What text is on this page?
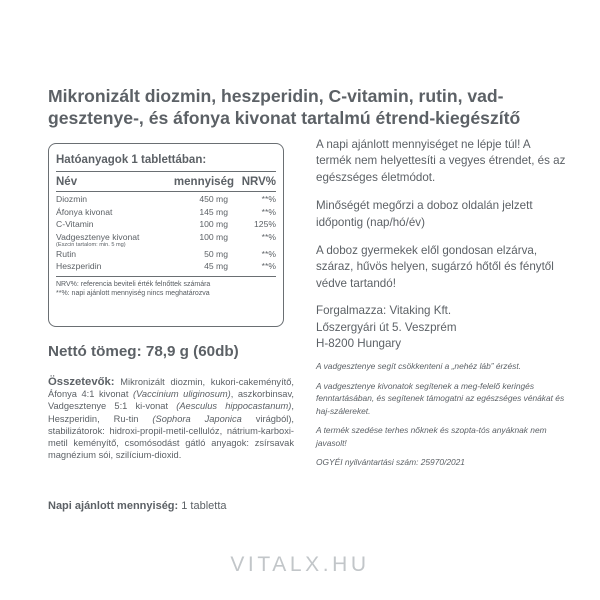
Mikronizált diozmin, heszperidin, C-vitamin, rutin, vad-
gesztenye-, és áfonya kivonat tartalmú étrend-kiegészítő
Hatóanyagok 1 tablettában:
Név	mennyiség NRV%
Diozmin	450 mg	**%
Áfonya kivonat	145 mg	**%
C-Vitamin	100 mg	125%
Vadgesztenye kivonat
(Eszcin tartalom: min. 5 mg)
100 mg	**%
Rutin	50 mg	**%
Heszperidin	45 mg	**%
NRV%: referencia beviteli érték felnőttek számára
**%: napi ajánlott mennyiség nincs meghatározva
Nettó tömeg: 78,9 g (60db)
Összetevők: Mikronizált diozmin, kukori-cakeményítő, Áfonya 4:1 kivonat (Vaccinium uliginosum), aszkorbinsav, Vadgesztenye 5:1 ki-vonat (Aesculus hippocastanum), Heszperidin, Ru-tin (Sophora Japonica virágból), stabilizátorok: hidroxi-propil-metil-cellulóz, nátrium-karboxi-metil keményítő, csomósodást gátló anyagok: zsírsavak magnézium sói, szilícium-dioxid.
Napi ajánlott mennyiség: 1 tabletta

A napi ajánlott mennyiséget ne lépje túl! A termék nem helyettesíti a vegyes étrendet, és az egészséges életmódot.

Minőségét megőrzi a doboz oldalán jelzett időpontig (nap/hó/év)

A doboz gyermekek elől gondosan elzárva, száraz, hűvös helyen, sugárzó hőtől és fénytől védve tartandó!

Forgalmazza: Vitaking Kft.

Lőszergyári út 5. Veszprém

H-8200 Hungary

A vadgesztenye segít csökkenteni a „nehéz láb” érzést.

A vadgesztenye kivonatok segítenek a meg-felelő keringés fenntartásában, és segítenek támogatni az egészséges vénákat és haj-szálereket.

A termék szedése terhes nőknek és szopta-tós anyáknak nem javasolt!

OGYÉI nyilvántartási szám: 25970/2021

VITALX.HU
